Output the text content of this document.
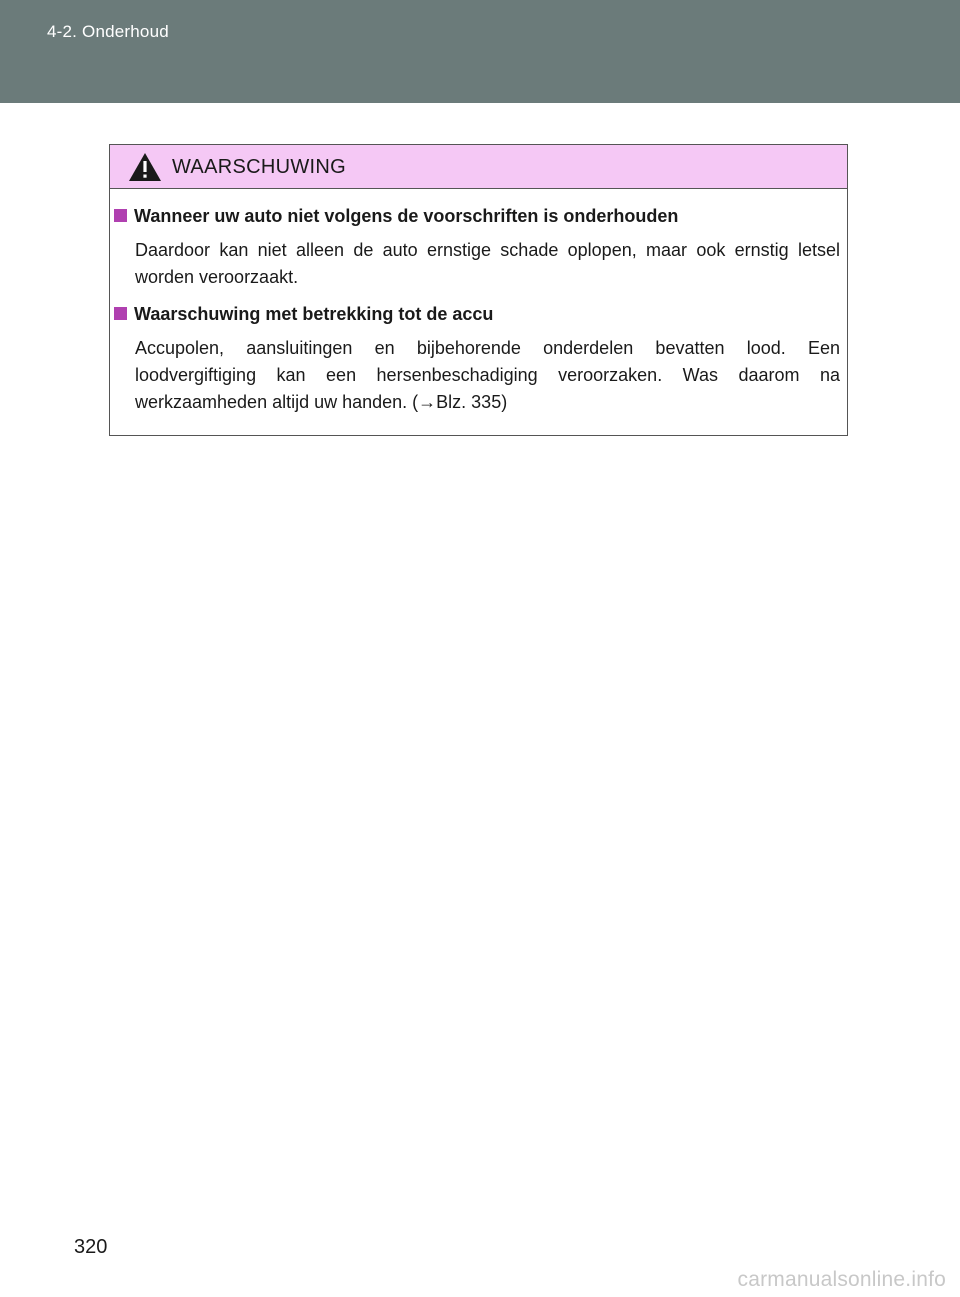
4-2. Onderhoud
WAARSCHUWING
Wanneer uw auto niet volgens de voorschriften is onderhouden
Daardoor kan niet alleen de auto ernstige schade oplopen, maar ook ernstig letsel worden veroorzaakt.
Waarschuwing met betrekking tot de accu
Accupolen, aansluitingen en bijbehorende onderdelen bevatten lood. Een loodvergiftiging kan een hersenbeschadiging veroorzaken. Was daarom na werkzaamheden altijd uw handen. (→Blz. 335)
320
carmanualsonline.info
